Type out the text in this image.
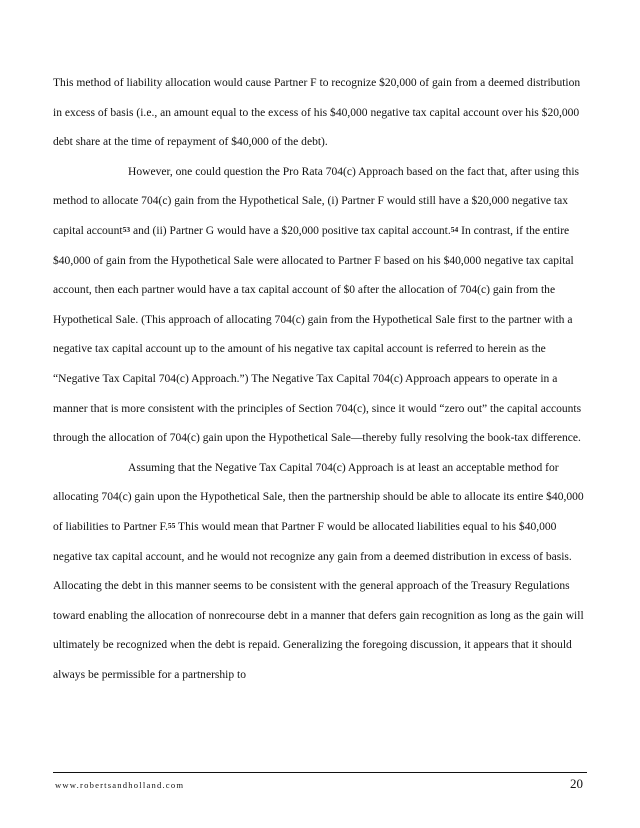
This method of liability allocation would cause Partner F to recognize $20,000 of gain from a deemed distribution in excess of basis (i.e., an amount equal to the excess of his $40,000 negative tax capital account over his $20,000 debt share at the time of repayment of $40,000 of the debt).

However, one could question the Pro Rata 704(c) Approach based on the fact that, after using this method to allocate 704(c) gain from the Hypothetical Sale, (i) Partner F would still have a $20,000 negative tax capital account$^{53}$ and (ii) Partner G would have a $20,000 positive tax capital account.$^{54}$ In contrast, if the entire $40,000 of gain from the Hypothetical Sale were allocated to Partner F based on his $40,000 negative tax capital account, then each partner would have a tax capital account of $0 after the allocation of 704(c) gain from the Hypothetical Sale. (This approach of allocating 704(c) gain from the Hypothetical Sale first to the partner with a negative tax capital account up to the amount of his negative tax capital account is referred to herein as the “Negative Tax Capital 704(c) Approach.”) The Negative Tax Capital 704(c) Approach appears to operate in a manner that is more consistent with the principles of Section 704(c), since it would “zero out” the capital accounts through the allocation of 704(c) gain upon the Hypothetical Sale—thereby fully resolving the book-tax difference.

Assuming that the Negative Tax Capital 704(c) Approach is at least an acceptable method for allocating 704(c) gain upon the Hypothetical Sale, then the partnership should be able to allocate its entire $40,000 of liabilities to Partner F.$^{55}$ This would mean that Partner F would be allocated liabilities equal to his $40,000 negative tax capital account, and he would not recognize any gain from a deemed distribution in excess of basis. Allocating the debt in this manner seems to be consistent with the general approach of the Treasury Regulations toward enabling the allocation of nonrecourse debt in a manner that defers gain recognition as long as the gain will ultimately be recognized when the debt is repaid. Generalizing the foregoing discussion, it appears that it should always be permissible for a partnership to

www.robertsandholland.com	20
